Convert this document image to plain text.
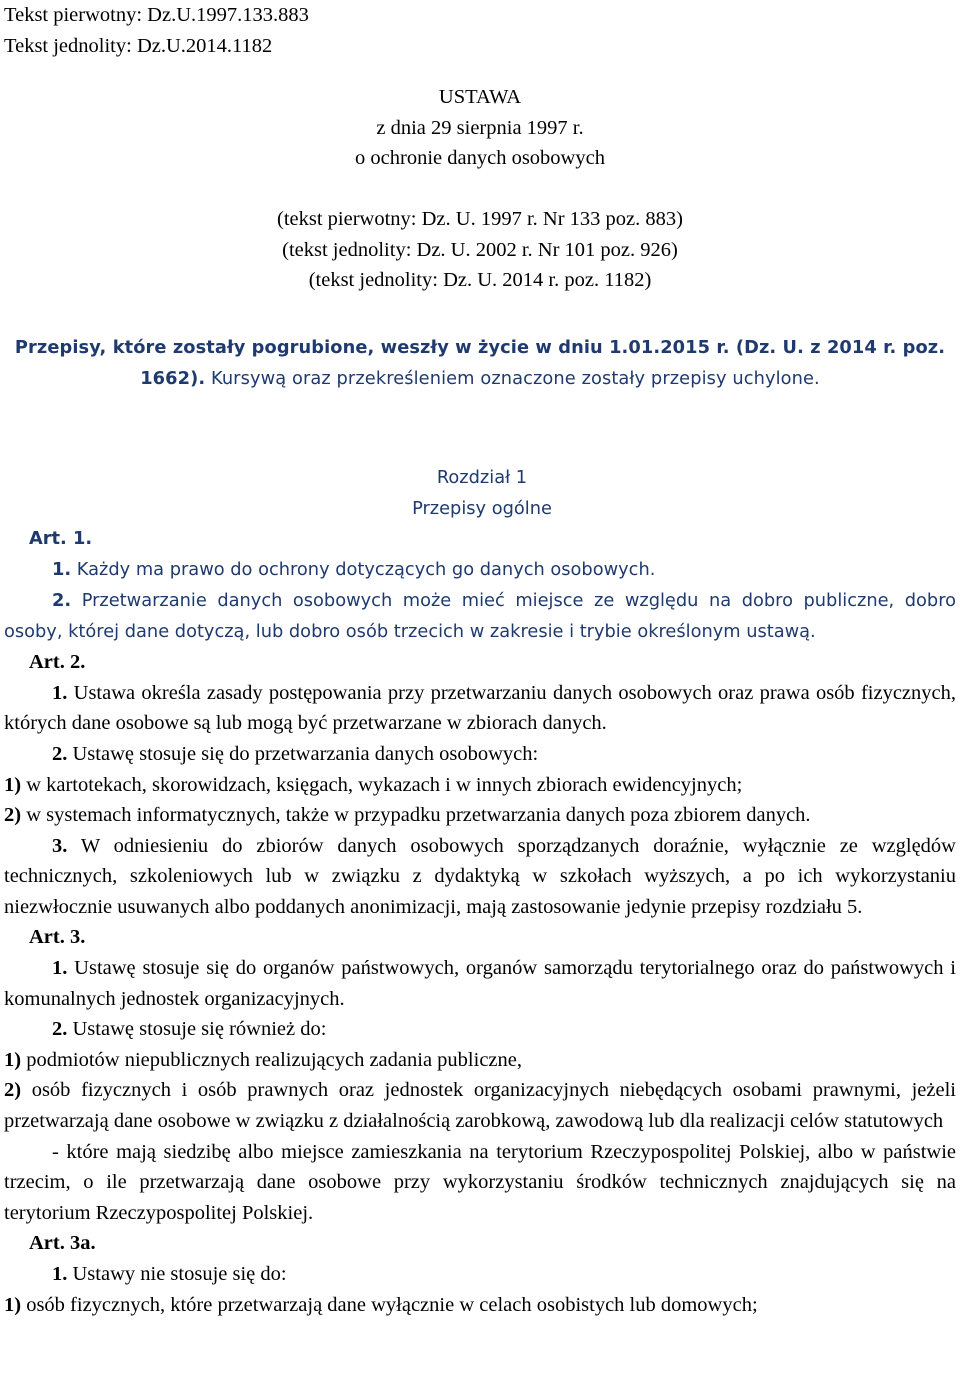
Tekst pierwotny: Dz.U.1997.133.883
Tekst jednolity: Dz.U.2014.1182
USTAWA
z dnia 29 sierpnia 1997 r.
o ochronie danych osobowych
(tekst pierwotny: Dz. U. 1997 r. Nr 133 poz. 883)
(tekst jednolity: Dz. U. 2002 r. Nr 101 poz. 926)
(tekst jednolity: Dz. U. 2014 r. poz. 1182)
Przepisy, które zostały pogrubione, weszły w życie w dniu 1.01.2015 r. (Dz. U. z 2014 r. poz. 1662). Kursywą oraz przekreśleniem oznaczone zostały przepisy uchylone.
Rozdział 1
Przepisy ogólne
Art. 1.

1. Każdy ma prawo do ochrony dotyczących go danych osobowych.

2. Przetwarzanie danych osobowych może mieć miejsce ze względu na dobro publiczne, dobro osoby, której dane dotyczą, lub dobro osób trzecich w zakresie i trybie określonym ustawą.

Art. 2.

1. Ustawa określa zasady postępowania przy przetwarzaniu danych osobowych oraz prawa osób fizycznych, których dane osobowe są lub mogą być przetwarzane w zbiorach danych.

2. Ustawę stosuje się do przetwarzania danych osobowych:

1) w kartotekach, skorowidzach, księgach, wykazach i w innych zbiorach ewidencyjnych;

2) w systemach informatycznych, także w przypadku przetwarzania danych poza zbiorem danych.

3. W odniesieniu do zbiorów danych osobowych sporządzanych doraźnie, wyłącznie ze względów technicznych, szkoleniowych lub w związku z dydaktyką w szkołach wyższych, a po ich wykorzystaniu niezwłocznie usuwanych albo poddanych anonimizacji, mają zastosowanie jedynie przepisy rozdziału 5.

Art. 3.

1. Ustawę stosuje się do organów państwowych, organów samorządu terytorialnego oraz do państwowych i komunalnych jednostek organizacyjnych.

2. Ustawę stosuje się również do:

1) podmiotów niepublicznych realizujących zadania publiczne,

2) osób fizycznych i osób prawnych oraz jednostek organizacyjnych niebędących osobami prawnymi, jeżeli przetwarzają dane osobowe w związku z działalnością zarobkową, zawodową lub dla realizacji celów statutowych

- które mają siedzibę albo miejsce zamieszkania na terytorium Rzeczypospolitej Polskiej, albo w państwie trzecim, o ile przetwarzają dane osobowe przy wykorzystaniu środków technicznych znajdujących się na terytorium Rzeczypospolitej Polskiej.

Art. 3a.

1. Ustawy nie stosuje się do:

1) osób fizycznych, które przetwarzają dane wyłącznie w celach osobistych lub domowych;
